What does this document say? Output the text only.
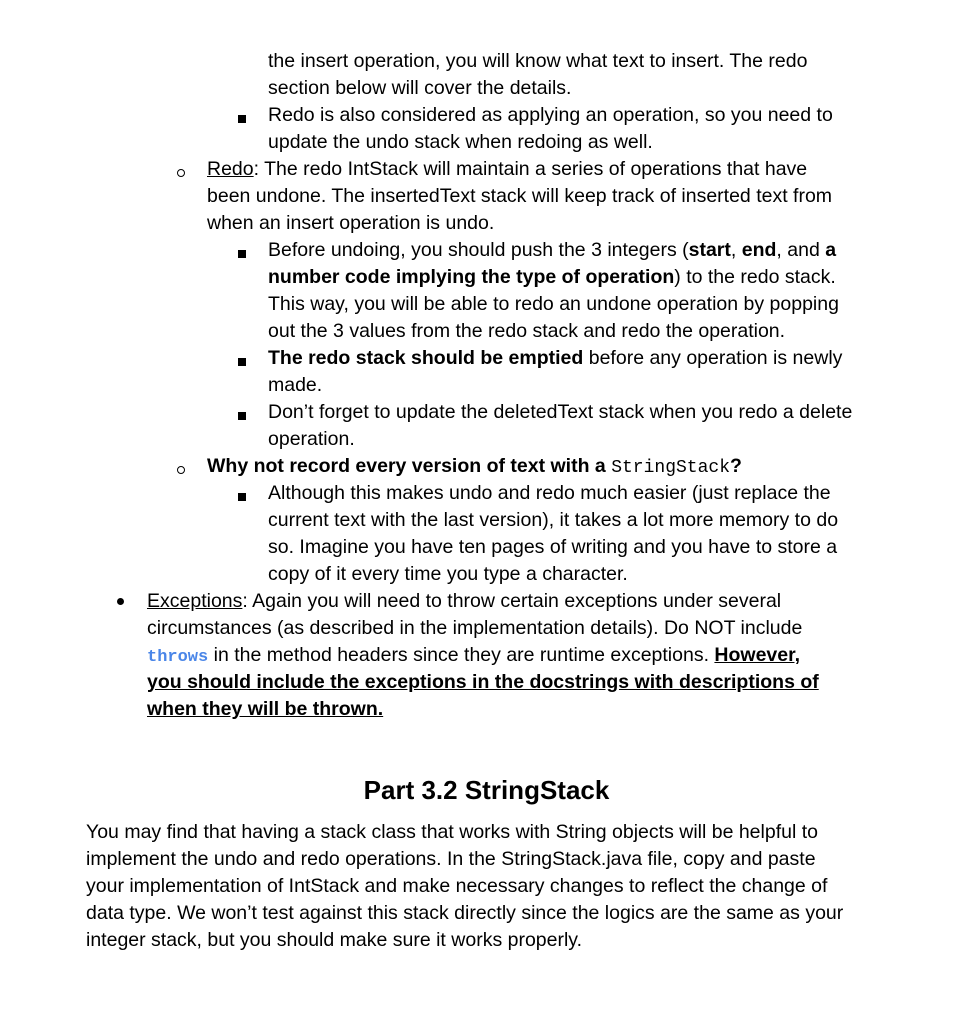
the insert operation, you will know what text to insert. The redo
section below will cover the details.
Redo is also considered as applying an operation, so you need to
update the undo stack when redoing as well.
Redo: The redo IntStack will maintain a series of operations that have
been undone. The insertedText stack will keep track of inserted text from
when an insert operation is undo.
Before undoing, you should push the 3 integers (start, end, and a
number code implying the type of operation) to the redo stack.
This way, you will be able to redo an undone operation by popping
out the 3 values from the redo stack and redo the operation.
The redo stack should be emptied before any operation is newly
made.
Don’t forget to update the deletedText stack when you redo a delete
operation.
Why not record every version of text with a StringStack?
Although this makes undo and redo much easier (just replace the
current text with the last version), it takes a lot more memory to do
so. Imagine you have ten pages of writing and you have to store a
copy of it every time you type a character.
Exceptions: Again you will need to throw certain exceptions under several
circumstances (as described in the implementation details). Do NOT include
throws in the method headers since they are runtime exceptions. However,
you should include the exceptions in the docstrings with descriptions of
when they will be thrown.
Part 3.2 StringStack
You may find that having a stack class that works with String objects will be helpful to
implement the undo and redo operations. In the StringStack.java file, copy and paste
your implementation of IntStack and make necessary changes to reflect the change of
data type. We won’t test against this stack directly since the logics are the same as your
integer stack, but you should make sure it works properly.
